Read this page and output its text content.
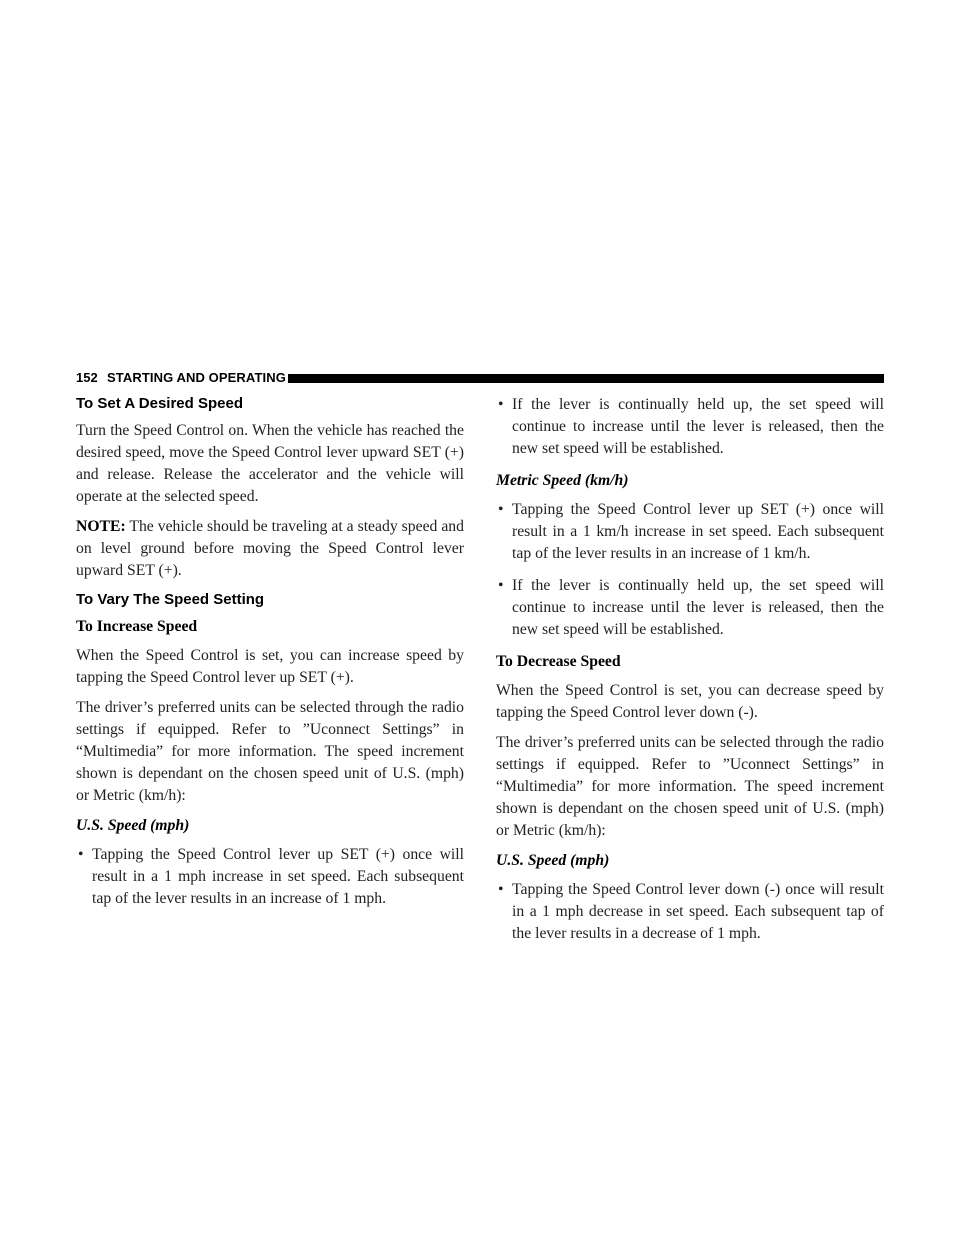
152 STARTING AND OPERATING
To Set A Desired Speed

Turn the Speed Control on. When the vehicle has reached the desired speed, move the Speed Control lever upward SET (+) and release. Release the accelerator and the vehicle will operate at the selected speed.

NOTE: The vehicle should be traveling at a steady speed and on level ground before moving the Speed Control lever upward SET (+).

To Vary The Speed Setting
To Increase Speed

When the Speed Control is set, you can increase speed by tapping the Speed Control lever up SET (+).

The driver’s preferred units can be selected through the radio settings if equipped. Refer to ”Uconnect Settings” in “Multimedia” for more information. The speed increment shown is dependant on the chosen speed unit of U.S. (mph) or Metric (km/h):

U.S. Speed (mph)
• Tapping the Speed Control lever up SET (+) once will result in a 1 mph increase in set speed. Each subsequent tap of the lever results in an increase of 1 mph.
• If the lever is continually held up, the set speed will continue to increase until the lever is released, then the new set speed will be established.
Metric Speed (km/h)
• Tapping the Speed Control lever up SET (+) once will result in a 1 km/h increase in set speed. Each subsequent tap of the lever results in an increase of 1 km/h.
• If the lever is continually held up, the set speed will continue to increase until the lever is released, then the new set speed will be established.
To Decrease Speed

When the Speed Control is set, you can decrease speed by tapping the Speed Control lever down (-).

The driver’s preferred units can be selected through the radio settings if equipped. Refer to ”Uconnect Settings” in “Multimedia” for more information. The speed increment shown is dependant on the chosen speed unit of U.S. (mph) or Metric (km/h):

U.S. Speed (mph)
• Tapping the Speed Control lever down (-) once will result in a 1 mph decrease in set speed. Each subsequent tap of the lever results in a decrease of 1 mph.
